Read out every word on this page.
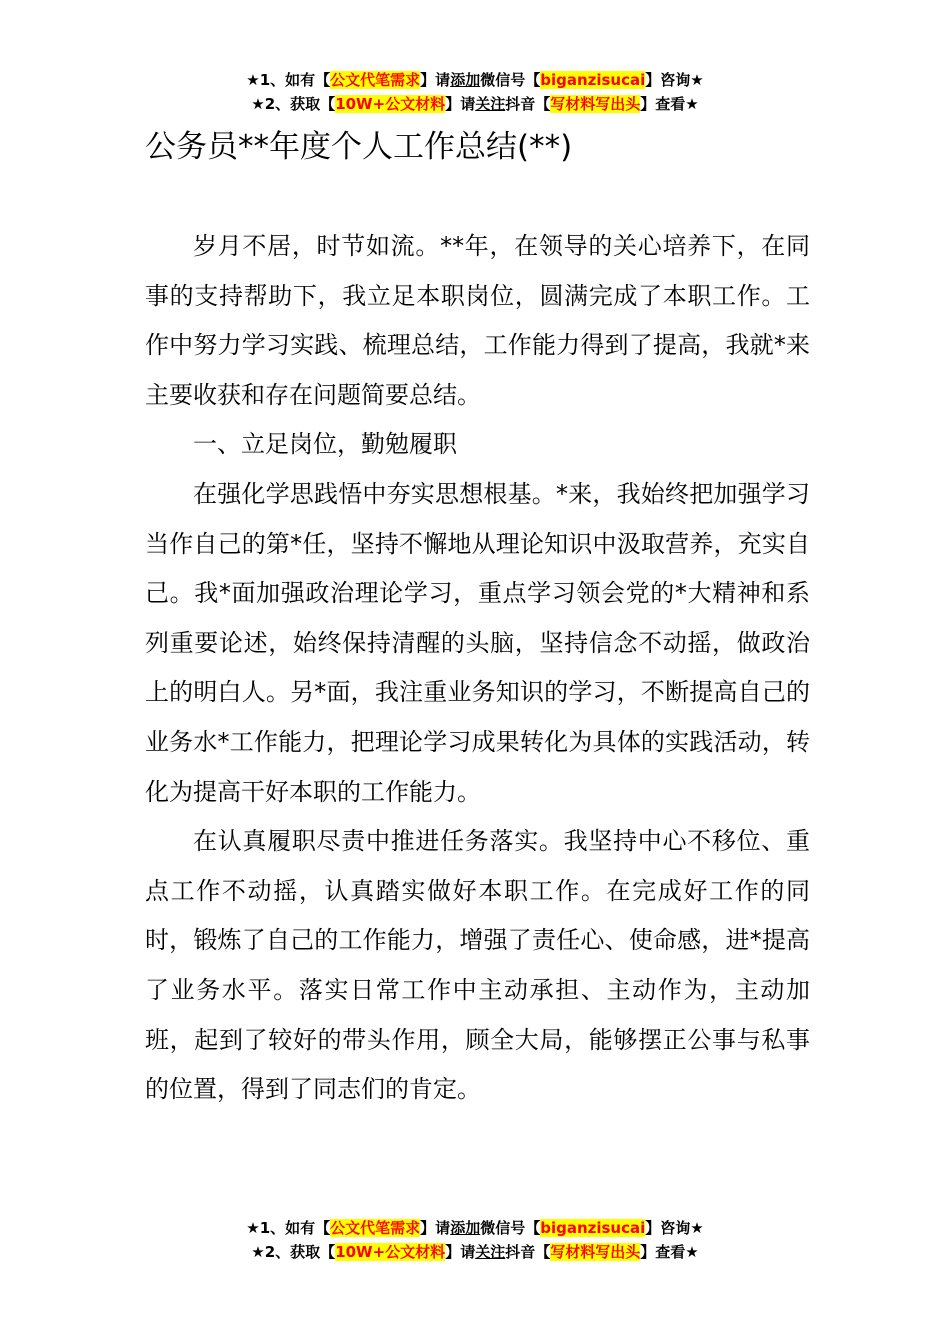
★1、如有【公文代笔需求】请添加微信号【biganzisucai】咨询★
★2、获取【10W+公文材料】请关注抖音【写材料写出头】查看★
公务员**年度个人工作总结(**)

岁月不居，时节如流。**年，在领导的关心培养下，在同事的支持帮助下，我立足本职岗位，圆满完成了本职工作。工作中努力学习实践、梳理总结，工作能力得到了提高，我就*来主要收获和存在问题简要总结。

一、立足岗位，勤勉履职

在强化学思践悟中夯实思想根基。*来，我始终把加强学习当作自己的第*任，坚持不懈地从理论知识中汲取营养，充实自己。我*面加强政治理论学习，重点学习领会党的*大精神和系列重要论述，始终保持清醒的头脑，坚持信念不动摇，做政治上的明白人。另*面，我注重业务知识的学习，不断提高自己的业务水*工作能力，把理论学习成果转化为具体的实践活动，转化为提高干好本职的工作能力。

在认真履职尽责中推进任务落实。我坚持中心不移位、重点工作不动摇，认真踏实做好本职工作。在完成好工作的同时，锻炼了自己的工作能力，增强了责任心、使命感，进*提高了业务水平。落实日常工作中主动承担、主动作为，主动加班，起到了较好的带头作用，顾全大局，能够摆正公事与私事的位置，得到了同志们的肯定。

★1、如有【公文代笔需求】请添加微信号【biganzisucai】咨询★
★2、获取【10W+公文材料】请关注抖音【写材料写出头】查看★
